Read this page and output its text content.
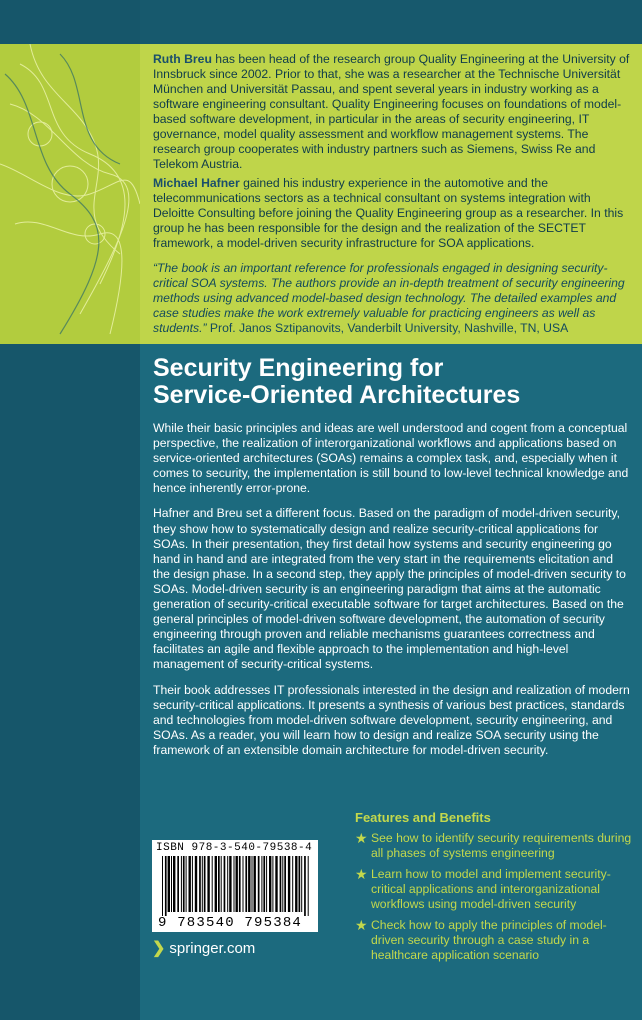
Ruth Breu has been head of the research group Quality Engineering at the University of Innsbruck since 2002. Prior to that, she was a researcher at the Technische Universität München and Universität Passau, and spent several years in industry working as a software engineering consultant. Quality Engineering focuses on foundations of model-based software development, in particular in the areas of security engineering, IT governance, model quality assessment and workflow management systems. The research group cooperates with industry partners such as Siemens, Swiss Re and Telekom Austria.

Michael Hafner gained his industry experience in the automotive and the telecommunications sectors as a technical consultant on systems integration with Deloitte Consulting before joining the Quality Engineering group as a researcher. In this group he has been responsible for the design and the realization of the SECTET framework, a model-driven security infrastructure for SOA applications.

“The book is an important reference for professionals engaged in designing security-critical SOA systems. The authors provide an in-depth treatment of security engineering methods using advanced model-based design technology. The detailed examples and case studies make the work extremely valuable for practicing engineers as well as students.” Prof. Janos Sztipanovits, Vanderbilt University, Nashville, TN, USA
Security Engineering for
Service-Oriented Architectures

While their basic principles and ideas are well understood and cogent from a conceptual perspective, the realization of interorganizational workflows and applications based on service-oriented architectures (SOAs) remains a complex task, and, especially when it comes to security, the implementation is still bound to low-level technical knowledge and hence inherently error-prone.

Hafner and Breu set a different focus. Based on the paradigm of model-driven security, they show how to systematically design and realize security-critical applications for SOAs. In their presentation, they first detail how systems and security engineering go hand in hand and are integrated from the very start in the requirements elicitation and the design phase. In a second step, they apply the principles of model-driven security to SOAs. Model-driven security is an engineering paradigm that aims at the automatic generation of security-critical executable software for target architectures. Based on the general principles of model-driven software development, the automation of security engineering through proven and reliable mechanisms guarantees correctness and facilitates an agile and flexible approach to the implementation and high-level management of security-critical systems.

Their book addresses IT professionals interested in the design and realization of modern security-critical applications. It presents a synthesis of various best practices, standards and technologies from model-driven software development, security engineering, and SOAs. As a reader, you will learn how to design and realize SOA security using the framework of an extensible domain architecture for model-driven security.

Features and Benefits
★ See how to identify security requirements during all phases of systems engineering
★ Learn how to model and implement security-critical applications and interorganizational workflows using model-driven security
★ Check how to apply the principles of model-driven security through a case study in a healthcare application scenario
ISBN 978-3-540-79538-4
9 783540 795384
❯ springer.com
